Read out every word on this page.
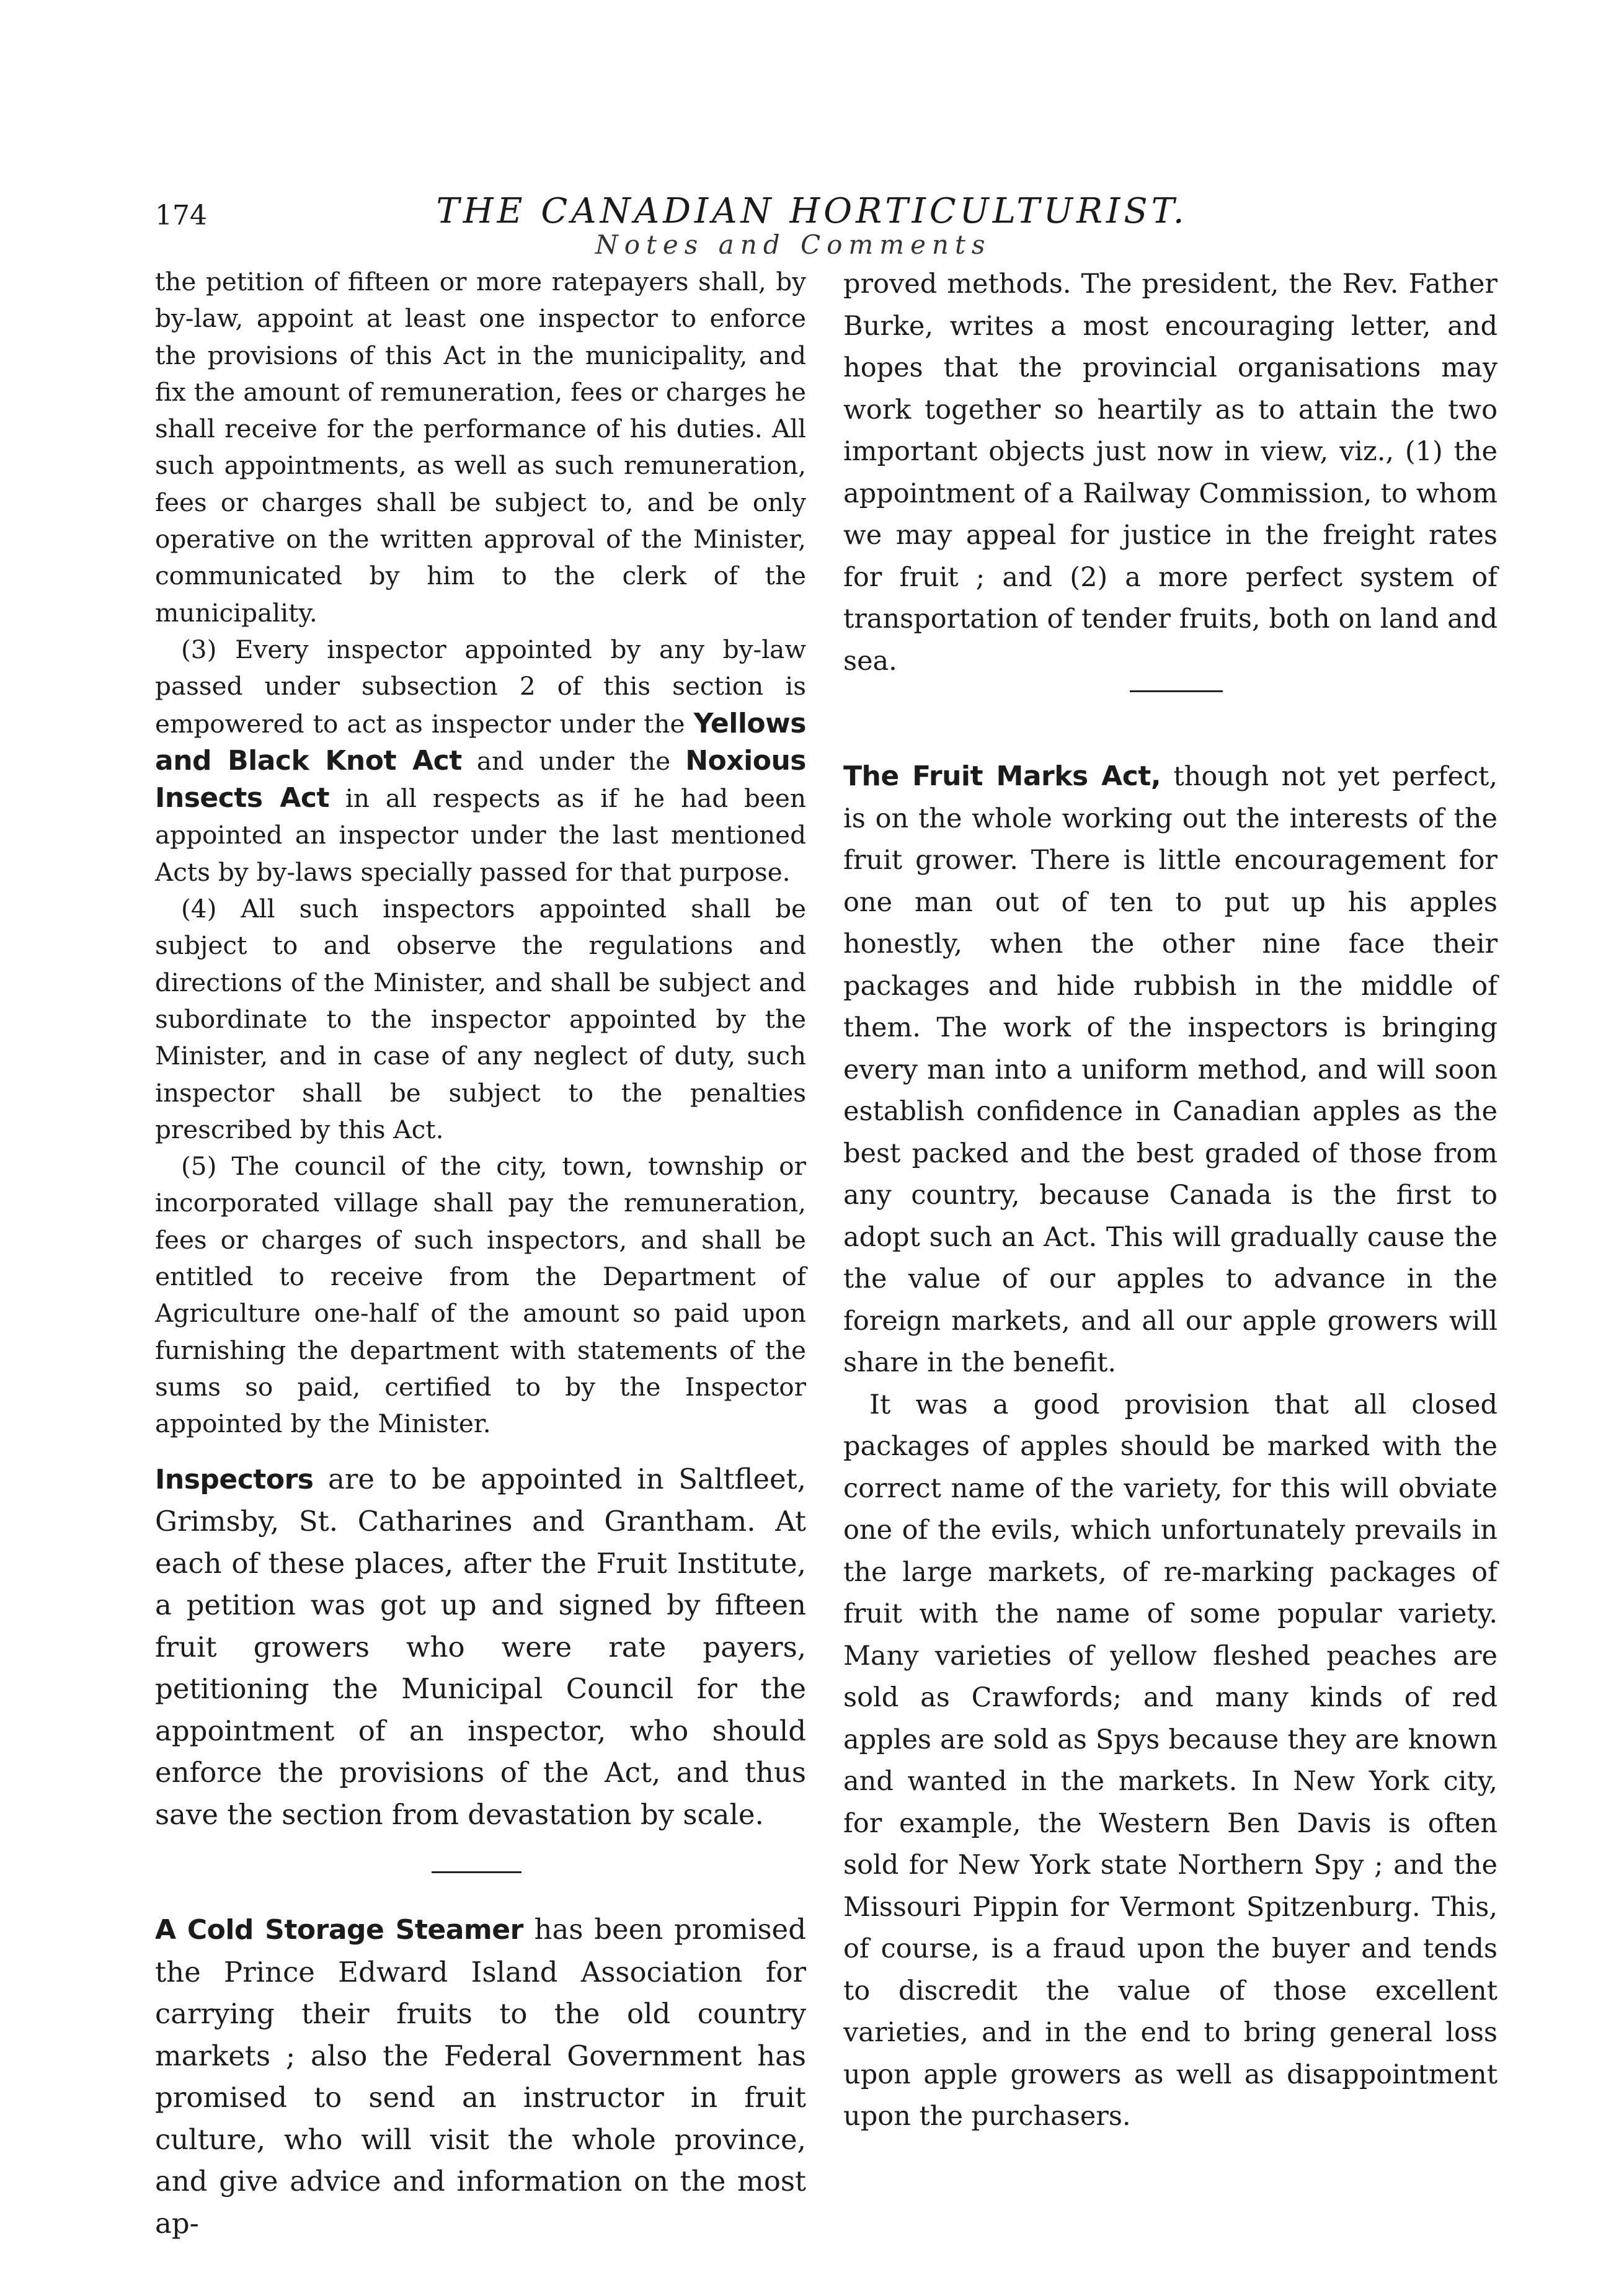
174	THE CANADIAN HORTICULTURIST.
Notes and Comments

the petition of fifteen or more ratepayers shall, by by-law, appoint at least one inspector to enforce the provisions of this Act in the municipality, and fix the amount of remuneration, fees or charges he shall receive for the performance of his duties. All such appointments, as well as such remuneration, fees or charges shall be subject to, and be only operative on the written approval of the Minister, communicated by him to the clerk of the municipality.

(3) Every inspector appointed by any by-law passed under subsection 2 of this section is empowered to act as inspector under the Yellows and Black Knot Act and under the Noxious Insects Act in all respects as if he had been appointed an inspector under the last mentioned Acts by by-laws specially passed for that purpose.

(4) All such inspectors appointed shall be subject to and observe the regulations and directions of the Minister, and shall be subject and subordinate to the inspector appointed by the Minister, and in case of any neglect of duty, such inspector shall be subject to the penalties prescribed by this Act.

(5) The council of the city, town, township or incorporated village shall pay the remuneration, fees or charges of such inspectors, and shall be entitled to receive from the Department of Agriculture one-half of the amount so paid upon furnishing the department with statements of the sums so paid, certified to by the Inspector appointed by the Minister.

Inspectors are to be appointed in Saltfleet, Grimsby, St. Catharines and Grantham. At each of these places, after the Fruit Institute, a petition was got up and signed by fifteen fruit growers who were rate payers, petitioning the Municipal Council for the appointment of an inspector, who should enforce the provisions of the Act, and thus save the section from devastation by scale.

A Cold Storage Steamer has been promised the Prince Edward Island Association for carrying their fruits to the old country markets ; also the Federal Government has promised to send an instructor in fruit culture, who will visit the whole province, and give advice and information on the most ap-

proved methods. The president, the Rev. Father Burke, writes a most encouraging letter, and hopes that the provincial organisations may work together so heartily as to attain the two important objects just now in view, viz., (1) the appointment of a Railway Commission, to whom we may appeal for justice in the freight rates for fruit ; and (2) a more perfect system of transportation of tender fruits, both on land and sea.

The Fruit Marks Act, though not yet perfect, is on the whole working out the interests of the fruit grower. There is little encouragement for one man out of ten to put up his apples honestly, when the other nine face their packages and hide rubbish in the middle of them. The work of the inspectors is bringing every man into a uniform method, and will soon establish confidence in Canadian apples as the best packed and the best graded of those from any country, because Canada is the first to adopt such an Act. This will gradually cause the the value of our apples to advance in the foreign markets, and all our apple growers will share in the benefit.

It was a good provision that all closed packages of apples should be marked with the correct name of the variety, for this will obviate one of the evils, which unfortunately prevails in the large markets, of re-marking packages of fruit with the name of some popular variety. Many varieties of yellow fleshed peaches are sold as Crawfords; and many kinds of red apples are sold as Spys because they are known and wanted in the markets. In New York city, for example, the Western Ben Davis is often sold for New York state Northern Spy ; and the Missouri Pippin for Vermont Spitzenburg. This, of course, is a fraud upon the buyer and tends to discredit the value of those excellent varieties, and in the end to bring general loss upon apple growers as well as disappointment upon the purchasers.
